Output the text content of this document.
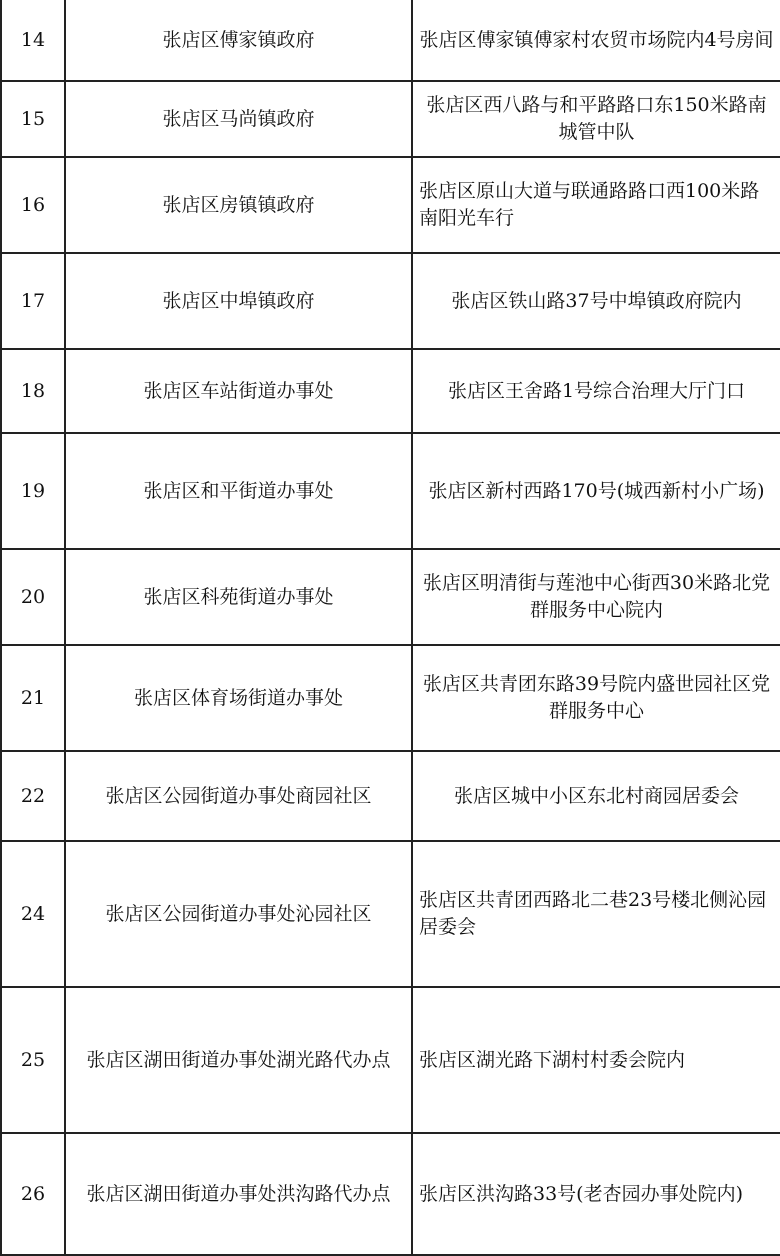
14	张店区傅家镇政府	张店区傅家镇傅家村农贸市场院内4号房间
15	张店区马尚镇政府	张店区西八路与和平路路口东150米路南城管中队
16	张店区房镇镇政府	张店区原山大道与联通路路口西100米路南阳光车行
17	张店区中埠镇政府	张店区铁山路37号中埠镇政府院内
18	张店区车站街道办事处	张店区王舍路1号综合治理大厅门口
19	张店区和平街道办事处	张店区新村西路170号(城西新村小广场)
20	张店区科苑街道办事处	张店区明清街与莲池中心街西30米路北党群服务中心院内
21	张店区体育场街道办事处	张店区共青团东路39号院内盛世园社区党群服务中心
22	张店区公园街道办事处商园社区	张店区城中小区东北村商园居委会
24	张店区公园街道办事处沁园社区	张店区共青团西路北二巷23号楼北侧沁园居委会
25	张店区湖田街道办事处湖光路代办点	张店区湖光路下湖村村委会院内
26	张店区湖田街道办事处洪沟路代办点	张店区洪沟路33号(老杏园办事处院内)
